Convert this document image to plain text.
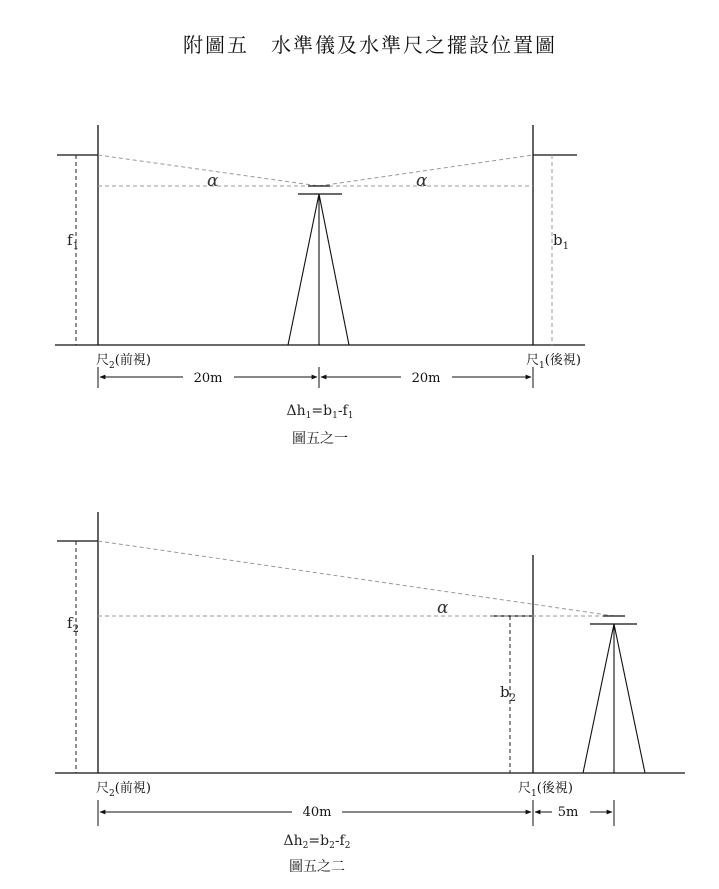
附圖五　水準儀及水準尺之擺設位置圖
α	α
$f_1$	$b_1$
尺$_2$(前視)	尺$_1$(後視)
20m	20m
$\Delta h_1=b_1-f_1$
圖五之一
α
$f_2$
$b_2$
尺$_2$(前視)	尺$_1$(後視)
40m	5m
$\Delta h_2=b_2-f_2$
圖五之二
